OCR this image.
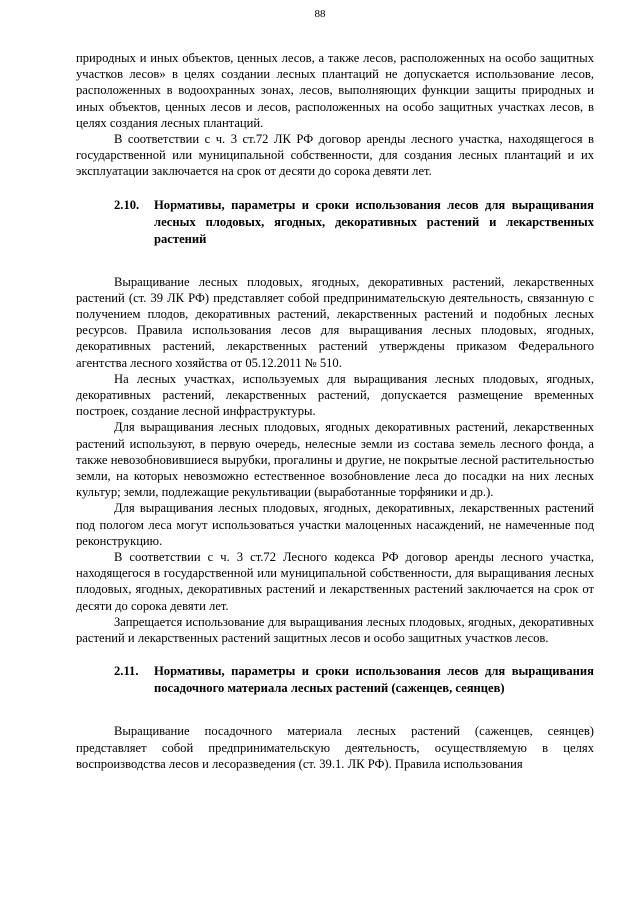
88

природных и иных объектов, ценных лесов, а также лесов, расположенных на особо защитных участков лесов» в целях создании лесных плантаций не допускается использование лесов, расположенных в водоохранных зонах, лесов, выполняющих функции защиты природных и иных объектов, ценных лесов и лесов, расположенных на особо защитных участках лесов, в целях создания лесных плантаций.

В соответствии с ч. 3 ст.72 ЛК РФ договор аренды лесного участка, находящегося в государственной или муниципальной собственности, для создания лесных плантаций и их эксплуатации заключается на срок от десяти до сорока девяти лет.

2.10.	Нормативы, параметры и сроки использования лесов для выращивания лесных плодовых, ягодных, декоративных растений и лекарственных растений

Выращивание лесных плодовых, ягодных, декоративных растений, лекарственных растений (ст. 39 ЛК РФ) представляет собой предпринимательскую деятельность, связанную с получением плодов, декоративных растений, лекарственных растений и подобных лесных ресурсов. Правила использования лесов для выращивания лесных плодовых, ягодных, декоративных растений, лекарственных растений утверждены приказом Федерального агентства лесного хозяйства от 05.12.2011 № 510.

На лесных участках, используемых для выращивания лесных плодовых, ягодных, декоративных растений, лекарственных растений, допускается размещение временных построек, создание лесной инфраструктуры.

Для выращивания лесных плодовых, ягодных декоративных растений, лекарственных растений используют, в первую очередь, нелесные земли из состава земель лесного фонда, а также невозобновившиеся вырубки, прогалины и другие, не покрытые лесной растительностью земли, на которых невозможно естественное возобновление леса до посадки на них лесных культур; земли, подлежащие рекультивации (выработанные торфяники и др.).

Для выращивания лесных плодовых, ягодных, декоративных, лекарственных растений под пологом леса могут использоваться участки малоценных насаждений, не намеченные под реконструкцию.

В соответствии с ч. 3 ст.72 Лесного кодекса РФ договор аренды лесного участка, находящегося в государственной или муниципальной собственности, для выращивания лесных плодовых, ягодных, декоративных растений и лекарственных растений заключается на срок от десяти до сорока девяти лет.

Запрещается использование для выращивания лесных плодовых, ягодных, декоративных растений и лекарственных растений защитных лесов и особо защитных участков лесов.

2.11.	Нормативы, параметры и сроки использования лесов для выращивания посадочного материала лесных растений (саженцев, сеянцев)

Выращивание посадочного материала лесных растений (саженцев, сеянцев) представляет собой предпринимательскую деятельность, осуществляемую в целях воспроизводства лесов и лесоразведения (ст. 39.1. ЛК РФ). Правила использования
